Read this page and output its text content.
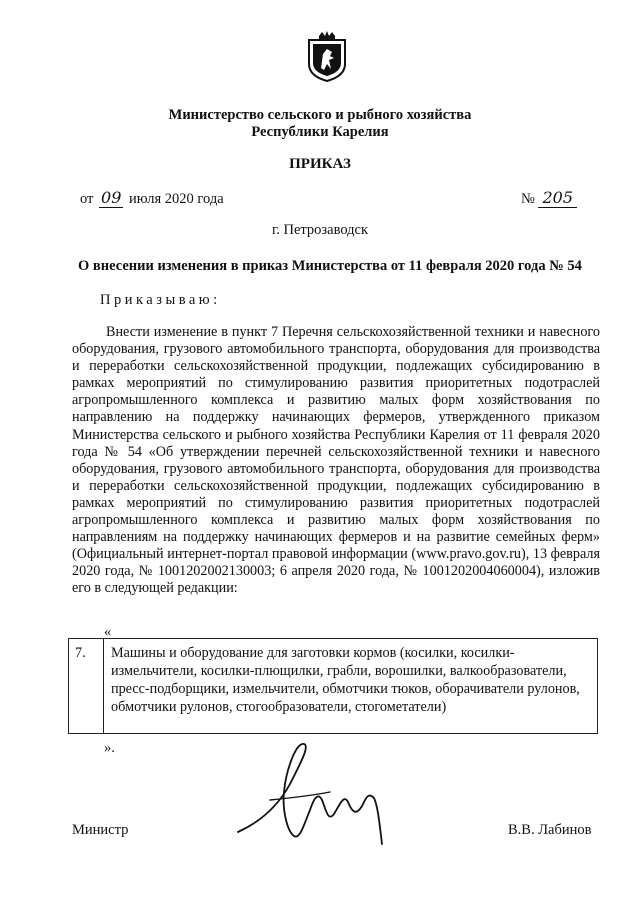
Министерство сельского и рыбного хозяйства
Республики Карелия
ПРИКАЗ
от 09 июля 2020 года	№ 205
г. Петрозаводск
О внесении изменения в приказ Министерства от 11 февраля 2020 года № 54
Приказываю:
Внести изменение в пункт 7 Перечня сельскохозяйственной техники и навесного оборудования, грузового автомобильного транспорта, оборудования для производства и переработки сельскохозяйственной продукции, подлежащих субсидированию в рамках мероприятий по стимулированию развития приоритетных подотраслей агропромышленного комплекса и развитию малых форм хозяйствования по направлению на поддержку начинающих фермеров, утвержденного приказом Министерства сельского и рыбного хозяйства Республики Карелия от 11 февраля 2020 года № 54 «Об утверждении перечней сельскохозяйственной техники и навесного оборудования, грузового автомобильного транспорта, оборудования для производства и переработки сельскохозяйственной продукции, подлежащих субсидированию в рамках мероприятий по стимулированию развития приоритетных подотраслей агропромышленного комплекса и развитию малых форм хозяйствования по направлениям на поддержку начинающих фермеров и на развитие семейных ферм» (Официальный интернет-портал правовой информации (www.pravo.gov.ru), 13 февраля 2020 года, № 1001202002130003; 6 апреля 2020 года, № 1001202004060004), изложив его в следующей редакции:
«
7. Машины и оборудование для заготовки кормов (косилки, косилки-измельчители, косилки-плющилки, грабли, ворошилки, валкообразователи, пресс-подборщики, измельчители, обмотчики тюков, оборачиватели рулонов, обмотчики рулонов, стогообразователи, стогометатели)
».
Министр	В.В. Лабинов
